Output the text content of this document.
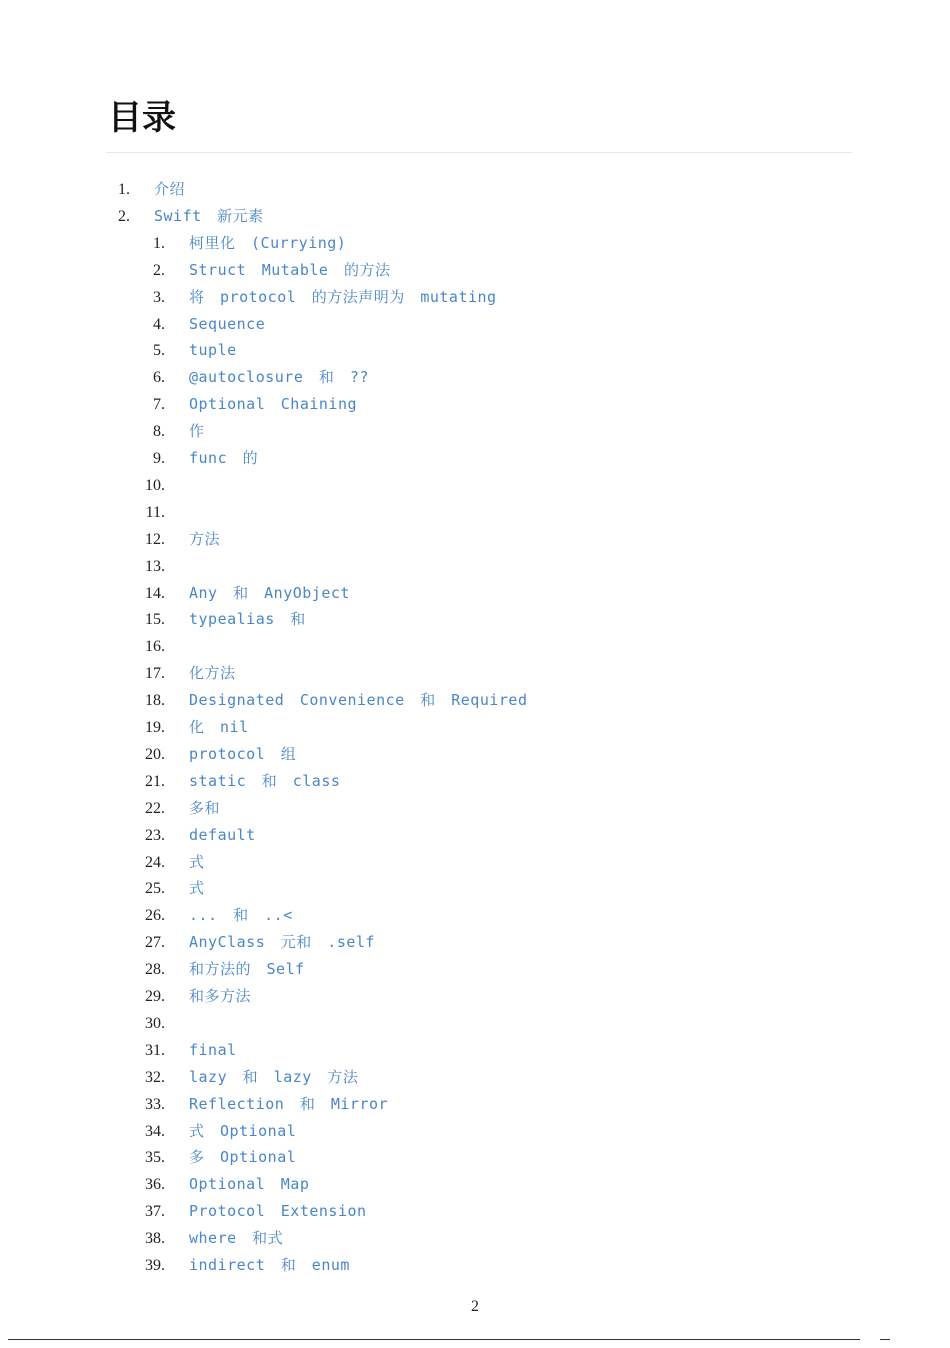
目录
1. 介绍
2. Swift 新元素
1. 柯里化 (Currying)
2. Struct Mutable 的方法
3. 将 protocol 的方法声明为 mutating
4. Sequence
5. tuple
6. @autoclosure 和 ??
7. Optional Chaining
8. 作
9. func 的
10.
11.
12. 方法
13.
14. Any 和 AnyObject
15. typealias 和
16.
17. 化方法
18. Designated Convenience 和 Required
19. 化 nil
20. protocol 组
21. static 和 class
22. 多和
23. default
24. 式
25. 式
26. ... 和 ..<
27. AnyClass 元和 .self
28. 和方法的 Self
29. 和多方法
30.
31. final
32. lazy 和 lazy 方法
33. Reflection 和 Mirror
34. 式 Optional
35. 多 Optional
36. Optional Map
37. Protocol Extension
38. where 和式
39. indirect 和 enum
2
